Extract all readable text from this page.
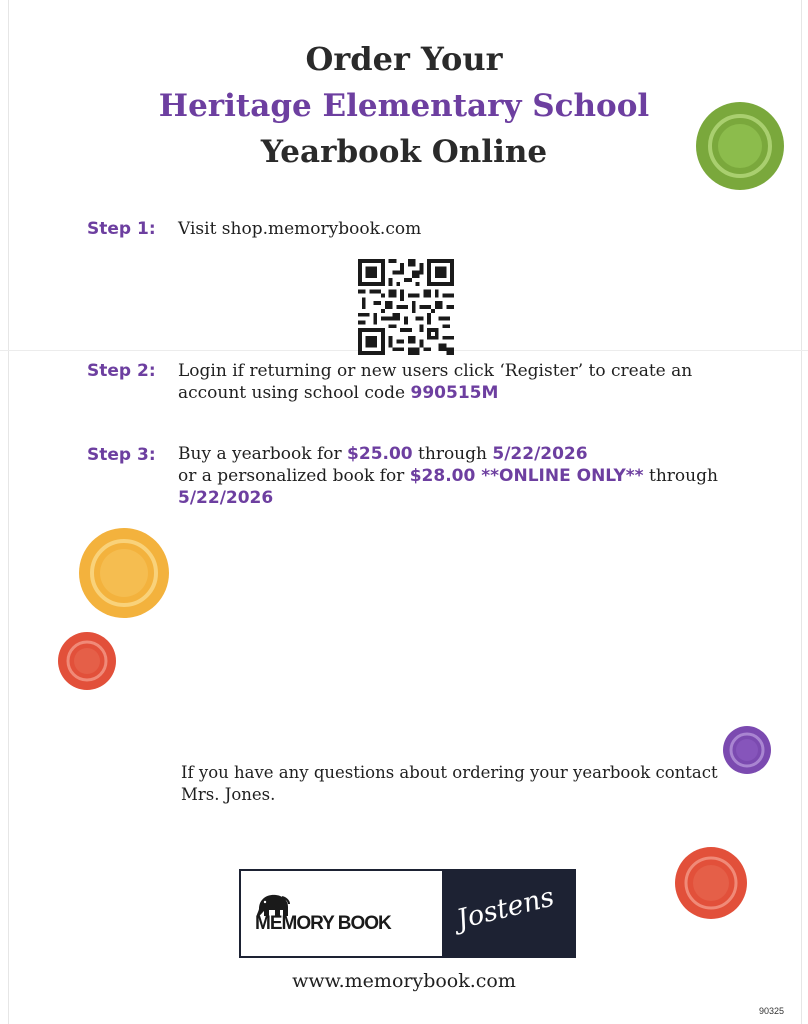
Order Your
Heritage Elementary School
Yearbook Online
Step 1: Visit shop.memorybook.com
Step 2: Login if returning or new users click ‘Register’ to create an account using school code 990515M
Step 3: Buy a yearbook for $25.00 through 5/22/2026
or a personalized book for $28.00 **ONLINE ONLY** through
5/22/2026
If you have any questions about ordering your yearbook contact Mrs. Jones.
MEMORY BOOK Jostens
www.memorybook.com
90325
